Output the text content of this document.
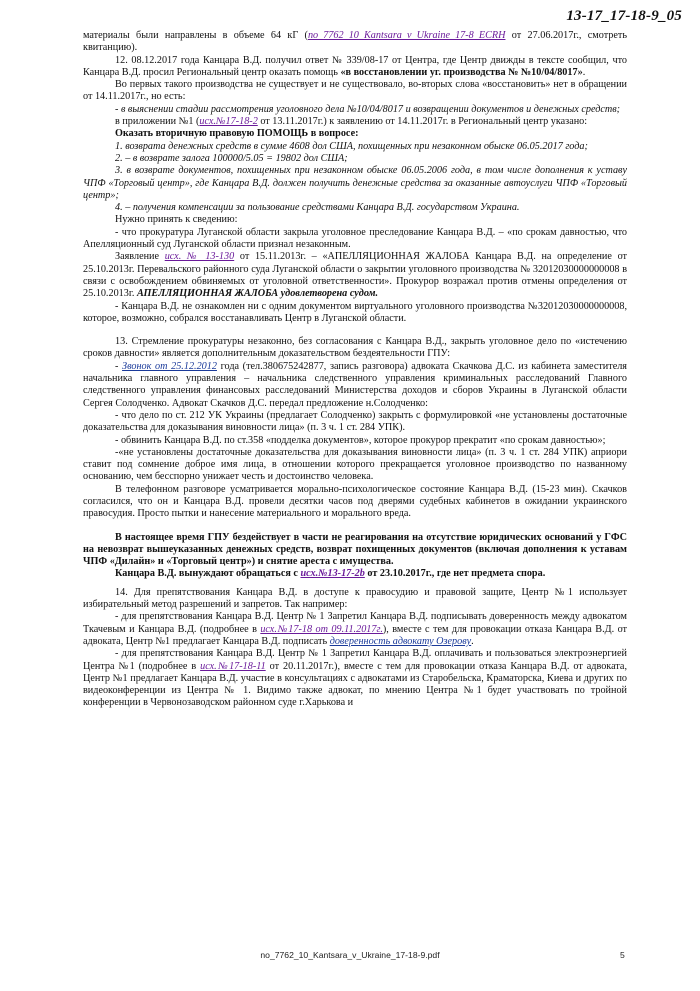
13-17_17-18-9_05

материалы были направлены в объеме 64 кГ (no_7762_10_Kantsara_v_Ukraine_17-8_ECRH от 27.06.2017г., смотреть квитанцию).

12. 08.12.2017 года Канцара В.Д. получил ответ № 339/08-17 от Центра, где Центр движды в тексте сообщил, что Канцара В.Д. просил Региональный центр оказать помощь «в восстановлении уг. производства № №10/04/8017».

Во первых такого производства не существует и не существовало, во-вторых слова «восстановить» нет в обращении от 14.11.2017г., но есть:

- в выяснении стадии рассмотрения уголовного дела №10/04/8017 и возвращении документов и денежных средств;

в приложении №1 (исх.№17-18-2 от 13.11.2017г.) к заявлению от 14.11.2017г. в Региональный центр указано:

Оказать вторичную правовую ПОМОЩЬ в вопросе:

1. возврата денежных средств в сумме 4608 дол США, похищенных при незаконном обыске 06.05.2017 года;

2. – в возврате залога 100000/5.05 = 19802 дол США;

3. в возврате документов, похищенных при незаконном обыске 06.05.2006 года, в том числе дополнения к уставу ЧПФ «Торговый центр», где Канцара В.Д. должен получить денежные средства за оказанные автоуслуги ЧПФ «Торговый центр»;

4. – получения компенсации за пользование средствами Канцара В.Д. государством Украина.

Нужно принять к сведению:

- что прокуратура Луганской области закрыла уголовное преследование Канцара В.Д. – «по срокам давностью, что Апелляционный суд Луганской области признал незаконным.

Заявление исх. № 13-130 от 15.11.2013г. – «АПЕЛЛЯЦИОННАЯ ЖАЛОБА Канцара В.Д. на определение от 25.10.2013г. Перевальского районного суда Луганской области о закрытии уголовного производства № 32012030000000008 в связи с освобождением обвиняемых от уголовной ответственности». Прокурор возражал против отмены определения от 25.10.2013г. АПЕЛЛЯЦИОННАЯ ЖАЛОБА удовлетворена судом.

- Канцара В.Д. не ознакомлен ни с одним документом виртуального уголовного производства №32012030000000008, которое, возможно, собрался восстанавливать Центр в Луганской области.

13. Стремление прокуратуры незаконно, без согласования с Канцара В.Д., закрыть уголовное дело по «истечению сроков давности» является дополнительным доказательством бездеятельности ГПУ:

- Звонок от 25.12.2012 года (тел.380675242877, запись разговора) адвоката Скачкова Д.С. из кабинета заместителя начальника главного управления – начальника следственного управления криминальных расследований Главного следственного управления финансовых расследований Министерства доходов и сборов Украины в Луганской области Сергея Солодченко. Адвокат Скачков Д.С. передал предложение н.Солодченко:

- что дело по ст. 212 УК Украины (предлагает Солодченко) закрыть с формулировкой «не установлены достаточные доказательства для доказывания виновности лица» (п. 3 ч. 1 ст. 284 УПК).

- обвинить Канцара В.Д. по ст.358 «подделка документов», которое прокурор прекратит «по срокам давностью»;

-«не установлены достаточные доказательства для доказывания виновности лица» (п. 3 ч. 1 ст. 284 УПК) априори ставит под сомнение доброе имя лица, в отношении которого прекращается уголовное производство по названному основанию, чем бесспорно унижает честь и достоинство человека.

В телефонном разговоре усматривается морально-психологическое состояние Канцара В.Д. (15-23 мин). Скачков согласился, что он и Канцара В.Д. провели десятки часов под дверями судебных кабинетов в ожидании украинского правосудия. Просто пытки и нанесение материального и морального вреда.

В настоящее время ГПУ бездействует в части не реагирования на отсутствие юридических оснований у ГФС на невозврат вышеуказанных денежных средств, возврат похищенных документов (включая дополнения к уставам ЧПФ «Дилайн» и «Торговый центр») и снятие ареста с имущества.

Канцара В.Д. вынуждают обращаться с исх.№13-17-2b от 23.10.2017г., где нет предмета спора.

14. Для препятствования Канцара В.Д. в доступе к правосудию и правовой защите, Центр №1 использует избирательный метод разрешений и запретов. Так например:

- для препятствования Канцара В.Д. Центр № 1 Запретил Канцара В.Д. подписывать доверенность между адвокатом Ткачевым и Канцара В.Д. (подробнее в исх.№17-18 от 09.11.2017г.), вместе с тем для провокации отказа Канцара В.Д. от адвоката, Центр №1 предлагает Канцара В.Д. подписать доверенность адвокату Озерову.

- для препятствования Канцара В.Д. Центр № 1 Запретил Канцара В.Д. оплачивать и пользоваться электроэнергией Центра №1 (подробнее в исх.№17-18-11 от 20.11.2017г.), вместе с тем для провокации отказа Канцара В.Д. от адвоката, Центр №1 предлагает Канцара В.Д. участие в консультациях с адвокатами из Старобельска, Краматорска, Киева и других по видеоконференции из Центра № 1. Видимо также адвокат, по мнению Центра №1 будет участвовать по тройной конференции в Червонозаводском районном суде г.Харькова и

no_7762_10_Kantsara_v_Ukraine_17-18-9.pdf	5
